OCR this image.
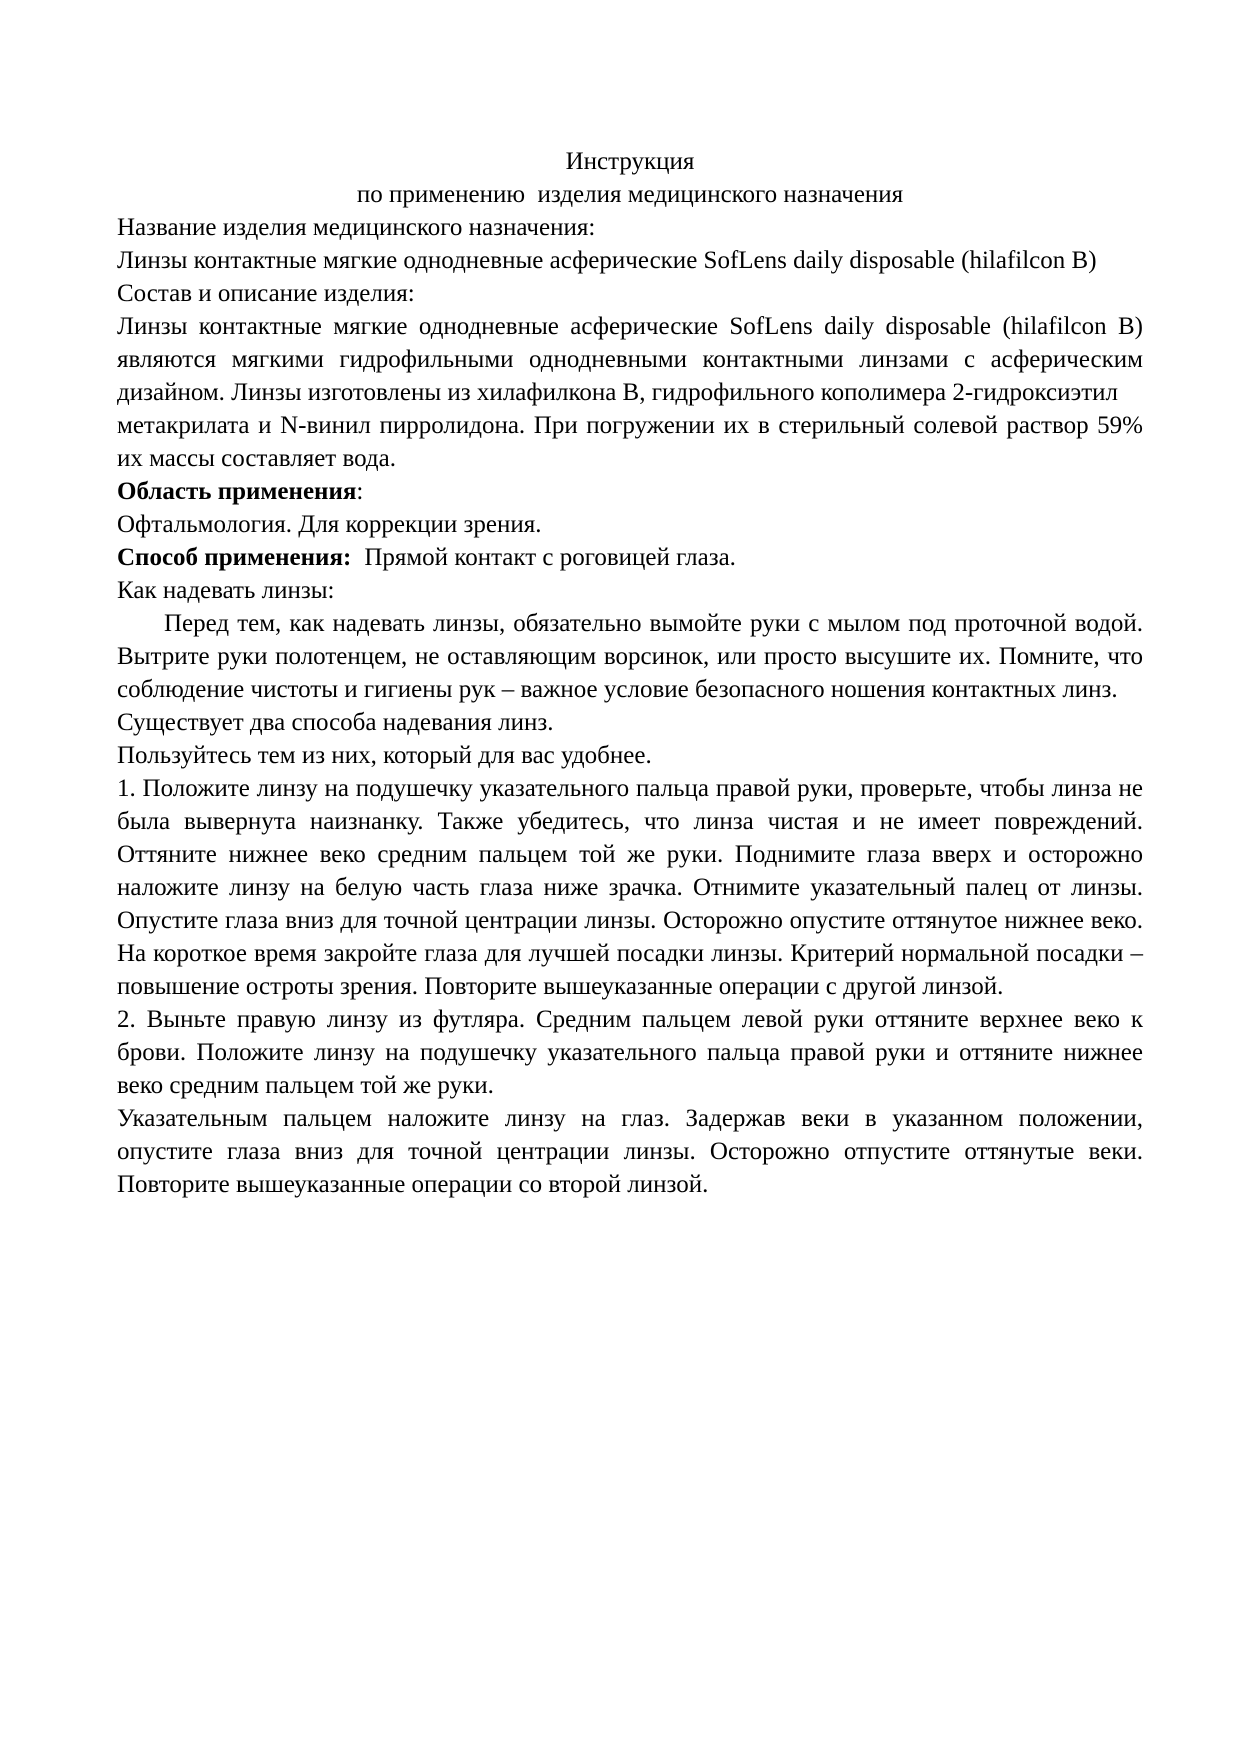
Инструкция
по применению  изделия медицинского назначения

Название изделия медицинского назначения:

Линзы контактные мягкие однодневные асферические SofLens daily disposable (hilafilcon B)

Состав и описание изделия:

Линзы контактные мягкие однодневные асферические SofLens daily disposable (hilafilcon B) являются мягкими гидрофильными однодневными контактными линзами с асферическим дизайном. Линзы изготовлены из хилафилкона B, гидрофильного кополимера 2-гидроксиэтил

метакрилата и N-винил пирролидона. При погружении их в стерильный солевой раствор 59% их массы составляет вода.

Область применения:

Офтальмология. Для коррекции зрения.

Способ применения: Прямой контакт с роговицей глаза.

Как надевать линзы:

Перед тем, как надевать линзы, обязательно вымойте руки с мылом под проточной водой. Вытрите руки полотенцем, не оставляющим ворсинок, или просто высушите их. Помните, что соблюдение чистоты и гигиены рук – важное условие безопасного ношения контактных линз.

Существует два способа надевания линз.

Пользуйтесь тем из них, который для вас удобнее.

1. Положите линзу на подушечку указательного пальца правой руки, проверьте, чтобы линза не была вывернута наизнанку. Также убедитесь, что линза чистая и не имеет повреждений. Оттяните нижнее веко средним пальцем той же руки. Поднимите глаза вверх и осторожно наложите линзу на белую часть глаза ниже зрачка. Отнимите указательный палец от линзы. Опустите глаза вниз для точной центрации линзы. Осторожно опустите оттянутое нижнее веко. На короткое время закройте глаза для лучшей посадки линзы. Критерий нормальной посадки – повышение остроты зрения. Повторите вышеуказанные операции с другой линзой.

2. Выньте правую линзу из футляра. Средним пальцем левой руки оттяните верхнее веко к брови. Положите линзу на подушечку указательного пальца правой руки и оттяните нижнее веко средним пальцем той же руки.

Указательным пальцем наложите линзу на глаз. Задержав веки в указанном положении, опустите глаза вниз для точной центрации линзы. Осторожно отпустите оттянутые веки. Повторите вышеуказанные операции со второй линзой.
